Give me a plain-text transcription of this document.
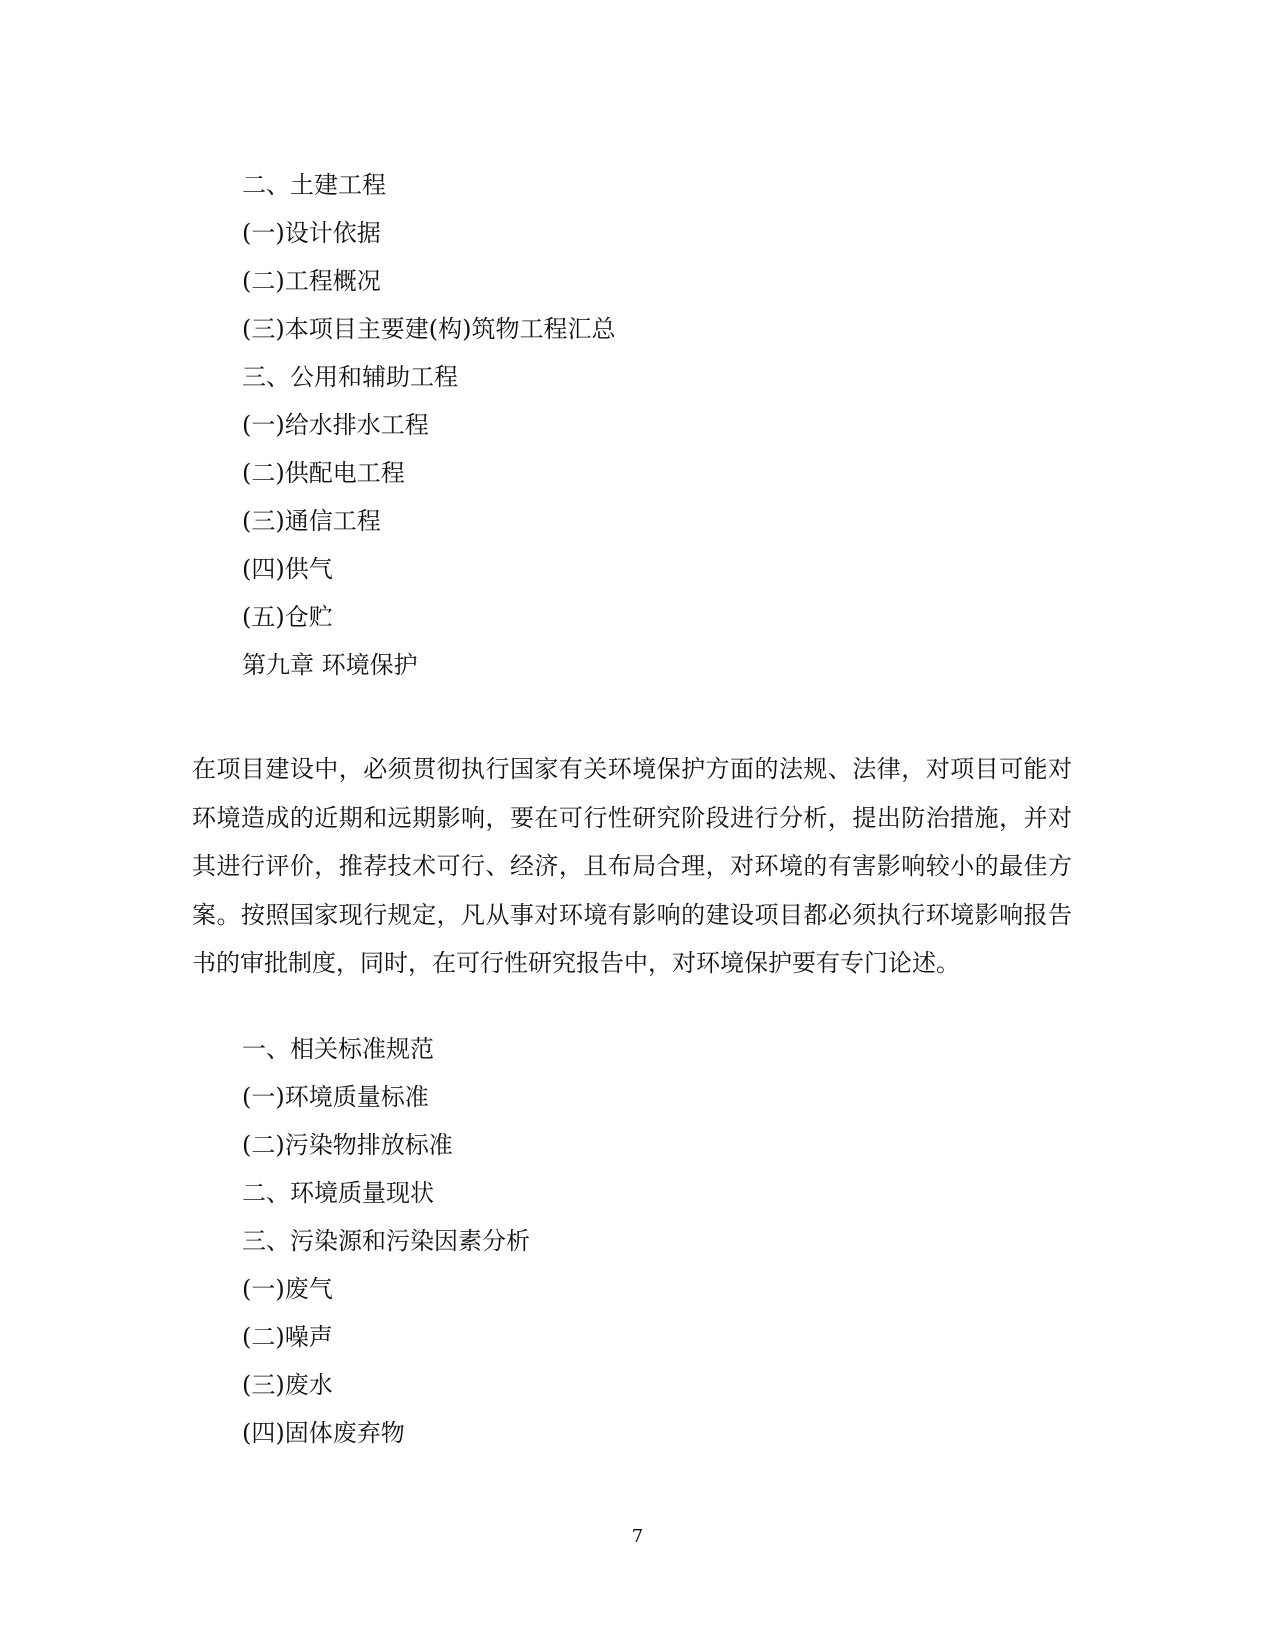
二、土建工程
(一)设计依据
(二)工程概况
(三)本项目主要建(构)筑物工程汇总
三、公用和辅助工程
(一)给水排水工程
(二)供配电工程
(三)通信工程
(四)供气
(五)仓贮
第九章 环境保护
在项目建设中，必须贯彻执行国家有关环境保护方面的法规、法律，对项目可能对环境造成的近期和远期影响，要在可行性研究阶段进行分析，提出防治措施，并对其进行评价，推荐技术可行、经济，且布局合理，对环境的有害影响较小的最佳方案。按照国家现行规定，凡从事对环境有影响的建设项目都必须执行环境影响报告书的审批制度，同时，在可行性研究报告中，对环境保护要有专门论述。
一、相关标准规范
(一)环境质量标准
(二)污染物排放标准
二、环境质量现状
三、污染源和污染因素分析
(一)废气
(二)噪声
(三)废水
(四)固体废弃物
7
